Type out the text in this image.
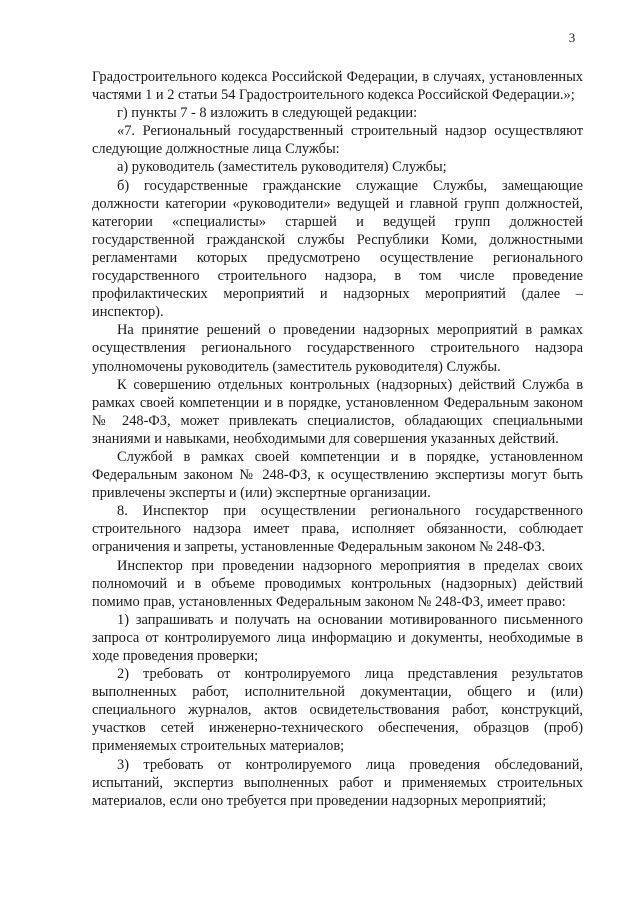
3

Градостроительного кодекса Российской Федерации, в случаях, установленных частями 1 и 2 статьи 54 Градостроительного кодекса Российской Федерации.»;

г) пункты 7 - 8 изложить в следующей редакции:

«7. Региональный государственный строительный надзор осуществляют следующие должностные лица Службы:

а) руководитель (заместитель руководителя) Службы;

б) государственные гражданские служащие Службы, замещающие должности категории «руководители» ведущей и главной групп должностей, категории «специалисты» старшей и ведущей групп должностей государственной гражданской службы Республики Коми, должностными регламентами которых предусмотрено осуществление регионального государственного строительного надзора, в том числе проведение профилактических мероприятий и надзорных мероприятий (далее – инспектор).

На принятие решений о проведении надзорных мероприятий в рамках осуществления регионального государственного строительного надзора уполномочены руководитель (заместитель руководителя) Службы.

К совершению отдельных контрольных (надзорных) действий Служба в рамках своей компетенции и в порядке, установленном Федеральным законом № 248-ФЗ, может привлекать специалистов, обладающих специальными знаниями и навыками, необходимыми для совершения указанных действий.

Службой в рамках своей компетенции и в порядке, установленном Федеральным законом № 248-ФЗ, к осуществлению экспертизы могут быть привлечены эксперты и (или) экспертные организации.

8. Инспектор при осуществлении регионального государственного строительного надзора имеет права, исполняет обязанности, соблюдает ограничения и запреты, установленные Федеральным законом № 248-ФЗ.

Инспектор при проведении надзорного мероприятия в пределах своих полномочий и в объеме проводимых контрольных (надзорных) действий помимо прав, установленных Федеральным законом № 248-ФЗ, имеет право:

1) запрашивать и получать на основании мотивированного письменного запроса от контролируемого лица информацию и документы, необходимые в ходе проведения проверки;

2) требовать от контролируемого лица представления результатов выполненных работ, исполнительной документации, общего и (или) специального журналов, актов освидетельствования работ, конструкций, участков сетей инженерно-технического обеспечения, образцов (проб) применяемых строительных материалов;

3) требовать от контролируемого лица проведения обследований, испытаний, экспертиз выполненных работ и применяемых строительных материалов, если оно требуется при проведении надзорных мероприятий;
